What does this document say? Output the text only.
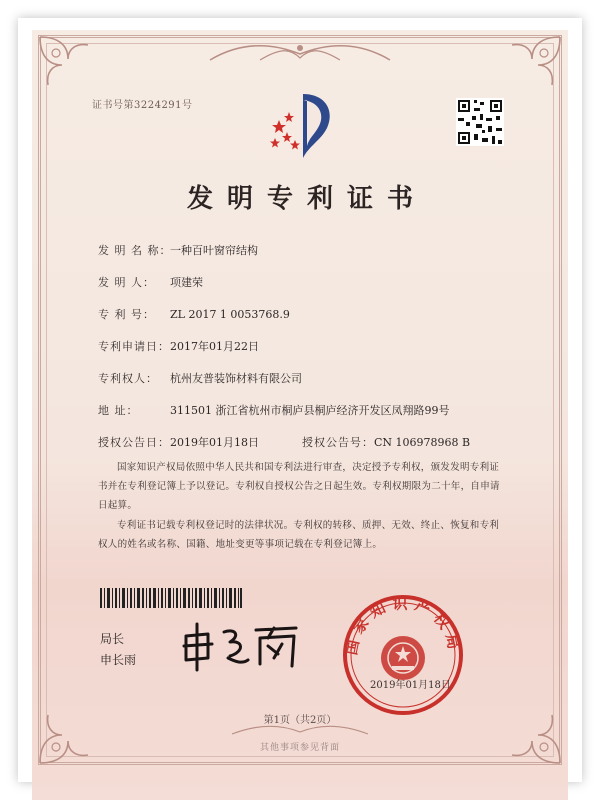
证书号第3224291号
发明专利证书
发 明 名 称：一种百叶窗帘结构
发 明 人： 项建荣
专 利 号： ZL 2017 1 0053768.9
专利申请日：2017年01月22日
专利权人： 杭州友普装饰材料有限公司
地 址：	311501 浙江省杭州市桐庐县桐庐经济开发区凤翔路99号
授权公告日：2019年01月18日	授权公告号：CN 106978968 B
国家知识产权局依照中华人民共和国专利法进行审查，决定授予专利权，颁发发明专利证书并在专利登记簿上予以登记。专利权自授权公告之日起生效。专利权期限为二十年，自申请日起算。
专利证书记载专利权登记时的法律状况。专利权的转移、质押、无效、终止、恢复和专利权人的姓名或名称、国籍、地址变更等事项记载在专利登记簿上。
局长
申长雨
国家知识产权局
2019年01月18日
第1页（共2页）
其他事项参见背面
